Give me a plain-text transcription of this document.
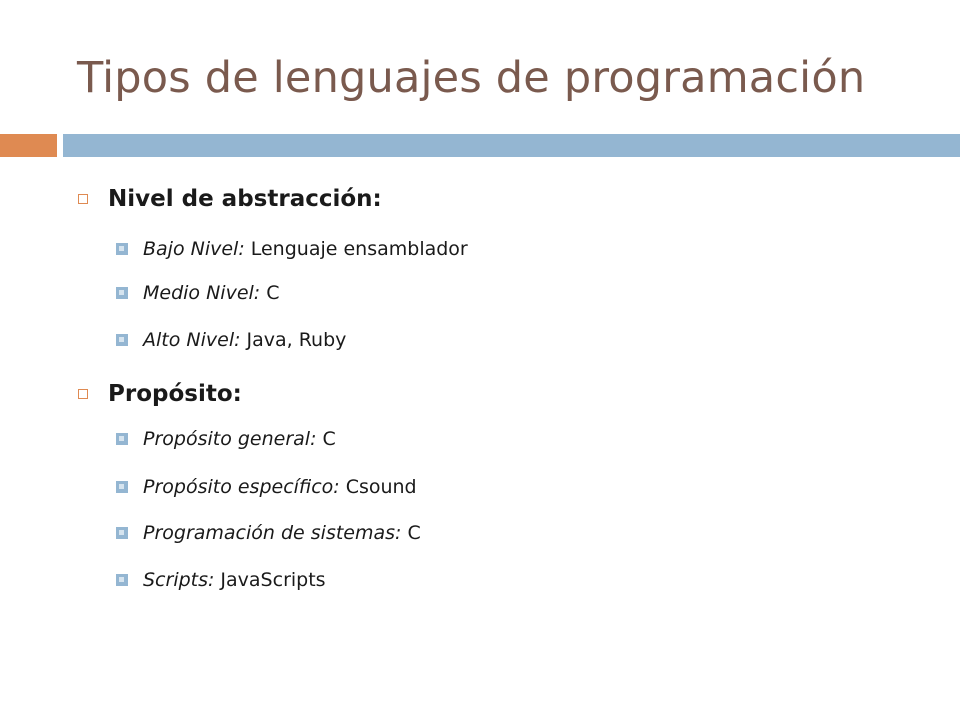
Tipos de lenguajes de programación
Nivel de abstracción:
Bajo Nivel: Lenguaje ensamblador
Medio Nivel: C
Alto Nivel: Java, Ruby
Propósito:
Propósito general: C
Propósito específico: Csound
Programación de sistemas: C
Scripts: JavaScripts
